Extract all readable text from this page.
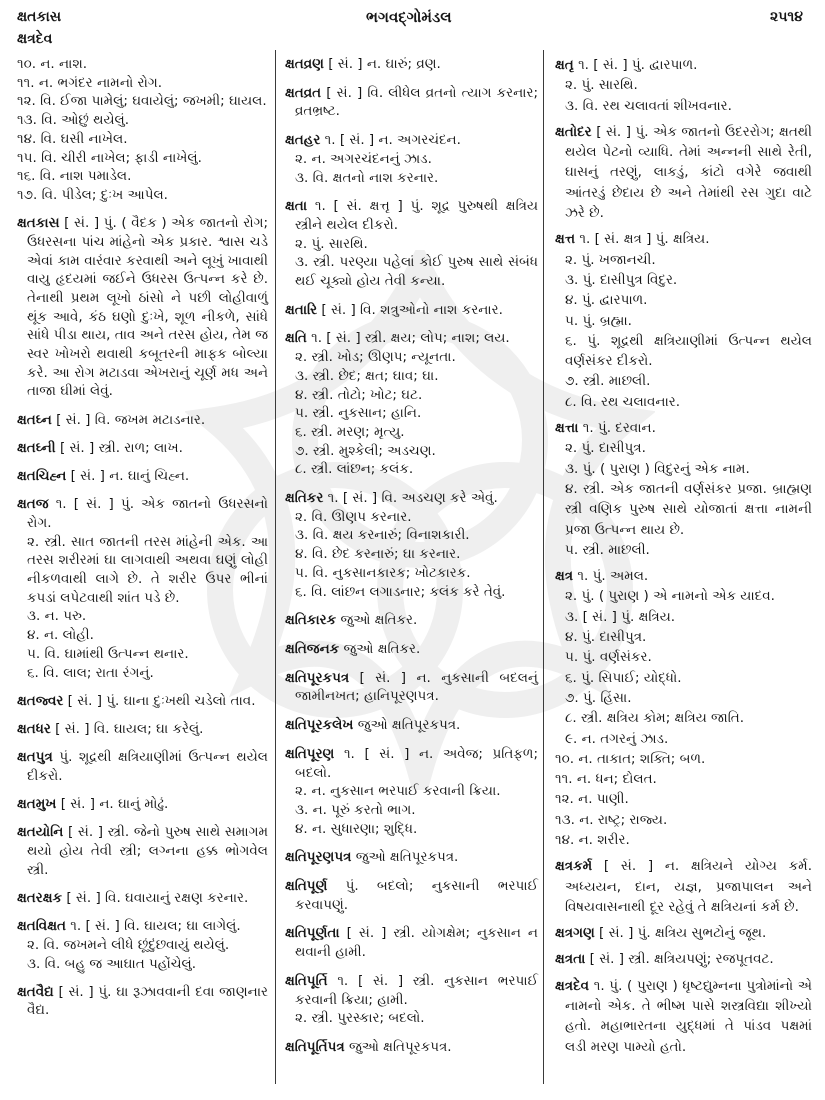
ક્ષતકાસ
ક્ષત્રદેવ
ભગવદ્ગોમંડલ	૨૫૧૪

૧૦. ન. નાશ.

૧૧. ન. ભગંદર નામનો રોગ.

૧૨. વિ. ઈજા પામેલું; ઘવાયેલું; જખમી; ઘાયલ.

૧૩. વિ. ઓછું થયેલું.

૧૪. વિ. ઘસી નાખેલ.

૧૫. વિ. ચીરી નાખેલ; ફાડી નાખેલું.

૧૬. વિ. નાશ પમાડેલ.

૧૭. વિ. પીડેલ; દુઃખ આપેલ.

ક્ષતકાસ [ સં. ] પું. ( વૈદક ) એક જાતનો રોગ; ઉધરસના પાંચ માંહેનો એક પ્રકાર. શ્વાસ ચડે એવાં કામ વારંવાર કરવાથી અને લૂખું ખાવાથી વાયુ હૃદયમાં જઈને ઉધરસ ઉત્પન્ન કરે છે. તેનાથી પ્રથમ લૂખો ઠાંસો ને પછી લોહીવાળું થૂંક આવે, કંઠ ઘણો દુઃખે, શૂળ નીકળે, સાંધે સાંધે પીડા થાય, તાવ અને તરસ હોય, તેમ જ સ્વર ખોખરો થવાથી કબૂતરની માફક બોલ્યા કરે. આ રોગ મટાડવા એખરાનું ચૂર્ણ મધ અને તાજા ઘીમાં લેવું.

ક્ષતઘ્ન [ સં. ] વિ. જખમ મટાડનાર.

ક્ષતઘ્ની [ સં. ] સ્ત્રી. રાળ; લાખ.

ક્ષતચિહ્ન [ સં. ] ન. ઘાનું ચિહ્ન.

ક્ષતજ ૧. [ સં. ] પું. એક જાતનો ઉધરસનો રોગ.

૨. સ્ત્રી. સાત જાતની તરસ માંહેની એક. આ તરસ શરીરમાં ઘા લાગવાથી અથવા ઘણું લોહી નીકળવાથી લાગે છે. તે શરીર ઉપર ભીનાં કપડાં લપેટવાથી શાંત પડે છે.

૩. ન. પરુ.

૪. ન. લોહી.

૫. વિ. ઘામાંથી ઉત્પન્ન થનાર.

૬. વિ. લાલ; રાતા રંગનું.

ક્ષતજ્વર [ સં. ] પું. ઘાના દુઃખથી ચડેલો તાવ.

ક્ષતધર [ સં. ] વિ. ઘાયલ; ઘા કરેલું.

ક્ષતપુત્ર પું. શૂદ્રથી ક્ષત્રિયાણીમાં ઉત્પન્ન થયેલ દીકરો.

ક્ષતમુખ [ સં. ] ન. ઘાનું મોઢું.

ક્ષતયોનિ [ સં. ] સ્ત્રી. જેનો પુરુષ સાથે સમાગમ થયો હોય તેવી સ્ત્રી; લગ્નના હક્ક ભોગવેલ સ્ત્રી.

ક્ષતરક્ષક [ સં. ] વિ. ઘવાયાનું રક્ષણ કરનાર.

ક્ષતવિક્ષત ૧. [ સં. ] વિ. ઘાયલ; ઘા લાગેલું.

૨. વિ. જખમને લીધે છૂંદુંછવાયું થયેલું.

૩. વિ. બહુ જ આઘાત પહોંચેલું.

ક્ષતવૈદ્ય [ સં. ] પું. ઘા રૂઝાવવાની દવા જાણનાર વૈદ્ય.

ક્ષતવ્રણ [ સં. ] ન. ઘારું; વ્રણ.

ક્ષતવ્રત [ સં. ] વિ. લીધેલ વ્રતનો ત્યાગ કરનાર; વ્રતભ્રષ્ટ.

ક્ષતહર ૧. [ સં. ] ન. અગરચંદન.

૨. ન. અગરચંદનનું ઝાડ.

૩. વિ. ક્ષતનો નાશ કરનાર.

ક્ષતા ૧. [ સં. ક્ષત્તૃ ] પું. શૂદ્ર પુરુષથી ક્ષત્રિય સ્ત્રીને થયેલ દીકરો.

૨. પું. સારથિ.

૩. સ્ત્રી. પરણ્યા પહેલાં કોઈ પુરુષ સાથે સંબંધ થઈ ચૂક્યો હોય તેવી કન્યા.

ક્ષતારિ [ સં. ] વિ. શત્રુઓનો નાશ કરનાર.

ક્ષતિ ૧. [ સં. ] સ્ત્રી. ક્ષય; લોપ; નાશ; લય.

૨. સ્ત્રી. ખોડ; ઊણપ; ન્યૂનતા.

૩. સ્ત્રી. છેદ; ક્ષત; ઘાવ; ઘા.

૪. સ્ત્રી. તોટો; ખોટ; ઘટ.

૫. સ્ત્રી. નુકસાન; હાનિ.

૬. સ્ત્રી. મરણ; મૃત્યુ.

૭. સ્ત્રી. મુશ્કેલી; અડચણ.

૮. સ્ત્રી. લાંછન; કલંક.

ક્ષતિકર ૧. [ સં. ] વિ. અડચણ કરે એવું.

૨. વિ. ઊણપ કરનાર.

૩. વિ. ક્ષય કરનારું; વિનાશકારી.

૪. વિ. છેદ કરનારું; ઘા કરનાર.

૫. વિ. નુકસાનકારક; ખોટકારક.

૬. વિ. લાંછન લગાડનાર; કલંક કરે તેવું.

ક્ષતિકારક જુઓ ક્ષતિકર.

ક્ષતિજનક જુઓ ક્ષતિકર.

ક્ષતિપૂરકપત્ર [ સં. ] ન. નુકસાની બદલનું જામીનખત; હાનિપૂરણપત્ર.

ક્ષતિપૂરકલેખ જુઓ ક્ષતિપૂરકપત્ર.

ક્ષતિપૂરણ ૧. [ સં. ] ન. અવેજ; પ્રતિફળ; બદલો.

૨. ન. નુકસાન ભરપાઈ કરવાની ક્રિયા.

૩. ન. પૂરું કરતો ભાગ.

૪. ન. સુધારણા; શુદ્ધિ.

ક્ષતિપૂરણપત્ર જુઓ ક્ષતિપૂરકપત્ર.

ક્ષતિપૂર્ણ પું. બદલો; નુકસાની ભરપાઈ કરવાપણું.

ક્ષતિપૂર્ણતા [ સં. ] સ્ત્રી. યોગક્ષેમ; નુકસાન ન થવાની હામી.

ક્ષતિપૂર્તિ ૧. [ સં. ] સ્ત્રી. નુકસાન ભરપાઈ કરવાની ક્રિયા; હામી.

૨. સ્ત્રી. પુરસ્કાર; બદલો.

ક્ષતિપૂર્તિપત્ર જુઓ ક્ષતિપૂરકપત્ર.

ક્ષતૃ ૧. [ સં. ] પું. દ્વારપાળ.

૨. પું. સારથિ.

૩. વિ. રથ ચલાવતાં શીખવનાર.

ક્ષતોદર [ સં. ] પું. એક જાતનો ઉદરરોગ; ક્ષતથી થયેલ પેટનો વ્યાધિ. તેમાં અન્નની સાથે રેતી, ઘાસનું તરણું, લાકડું, કાંટો વગેરે જવાથી આંતરડું છેદાય છે અને તેમાંથી રસ ગુદા વાટે ઝરે છે.

ક્ષત્ત ૧. [ સં. ક્ષત્ર ] પું. ક્ષત્રિય.

૨. પું. ખજાનચી.

૩. પું. દાસીપુત્ર વિદુર.

૪. પું. દ્વારપાળ.

૫. પું. બ્રહ્મા.

૬. પું. શૂદ્રથી ક્ષત્રિયાણીમાં ઉત્પન્ન થયેલ વર્ણસંકર દીકરો.

૭. સ્ત્રી. માછલી.

૮. વિ. રથ ચલાવનાર.

ક્ષત્તા ૧. પું. દરવાન.

૨. પું. દાસીપુત્ર.

૩. પું. ( પુરાણ ) વિદુરનું એક નામ.

૪. સ્ત્રી. એક જાતની વર્ણસંકર પ્રજા. બ્રાહ્મણ સ્ત્રી વણિક પુરુષ સાથે યોજાતાં ક્ષત્તા નામની પ્રજા ઉત્પન્ન થાય છે.

૫. સ્ત્રી. માછલી.

ક્ષત્ર ૧. પું. અમલ.

૨. પું. ( પુરાણ ) એ નામનો એક યાદવ.

૩. [ સં. ] પું. ક્ષત્રિય.

૪. પું. દાસીપુત્ર.

૫. પું. વર્ણસંકર.

૬. પું. સિપાઈ; યોદ્ધો.

૭. પું. હિંસા.

૮. સ્ત્રી. ક્ષત્રિય કોમ; ક્ષત્રિય જાતિ.

૯. ન. તગરનું ઝાડ.

૧૦. ન. તાકાત; શક્તિ; બળ.

૧૧. ન. ધન; દોલત.

૧૨. ન. પાણી.

૧૩. ન. રાષ્ટ્ર; રાજ્ય.

૧૪. ન. શરીર.

ક્ષત્રકર્મ [ સં. ] ન. ક્ષત્રિયને યોગ્ય કર્મ. અધ્યયન, દાન, યજ્ઞ, પ્રજાપાલન અને વિષયવાસનાથી દૂર રહેવું તે ક્ષત્રિયનાં કર્મ છે.

ક્ષત્રગણ [ સં. ] પું. ક્ષત્રિય સુભટોનું જૂથ.

ક્ષત્રતા [ સં. ] સ્ત્રી. ક્ષત્રિયપણું; રજપૂતવટ.

ક્ષત્રદેવ ૧. પું. ( પુરાણ ) ધૃષ્ટદ્યુમ્નના પુત્રોમાંનો એ નામનો એક. તે ભીષ્મ પાસે શસ્ત્રવિદ્યા શીખ્યો હતો. મહાભારતના યુદ્ધમાં તે પાંડવ પક્ષમાં લડી મરણ પામ્યો હતો.
